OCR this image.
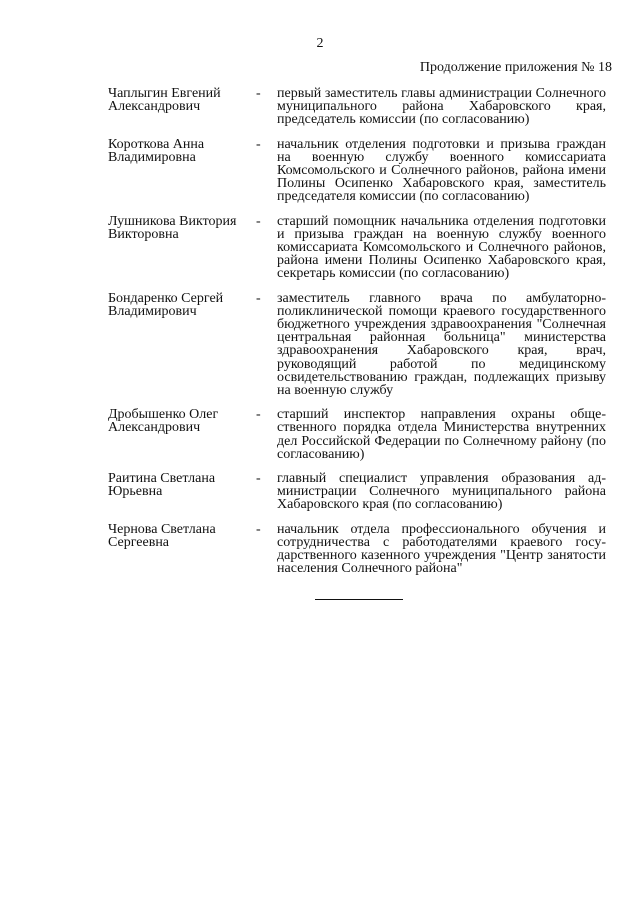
2
Продолжение приложения № 18
Чаплыгин Евгений
Александрович
-	первый заместитель главы администрации Солнечного муниципального района Хабаровского края, председатель комиссии (по согласованию)
Короткова Анна
Владимировна
-	начальник отделения подготовки и призыва граждан на военную службу военного комиссариата Комсомольского и Солнечного районов, района имени Полины Осипенко Хабаровского края, заместитель председателя комиссии (по согласованию)
Лушникова Виктория
Викторовна
-	старший помощник начальника отделения подготовки и призыва граждан на военную службу военного комиссариата Комсомольского и Солнечного районов, района имени Полины Осипенко Хабаровского края, секретарь комиссии (по согласованию)
Бондаренко Сергей
Владимирович
-	заместитель главного врача по амбулаторно-поликлинической помощи краевого государственного бюджетного учреждения здравоохранения "Солнечная центральная районная больница" министерства здравоохранения Хабаровского края, врач, руководящий работой по медицинскому освидетельствованию граждан, подлежащих призыву на военную службу
Дробышенко Олег
Александрович
-	старший инспектор направления охраны общественного порядка отдела Министерства внутренних дел Российской Федерации по Солнечному району (по согласованию)
Раитина Светлана
Юрьевна
-	главный специалист управления образования администрации Солнечного муниципального района Хабаровского края (по согласованию)
Чернова Светлана
Сергеевна
-	начальник отдела профессионального обучения и сотрудничества с работодателями краевого государственного казенного учреждения "Центр занятости населения Солнечного района"
